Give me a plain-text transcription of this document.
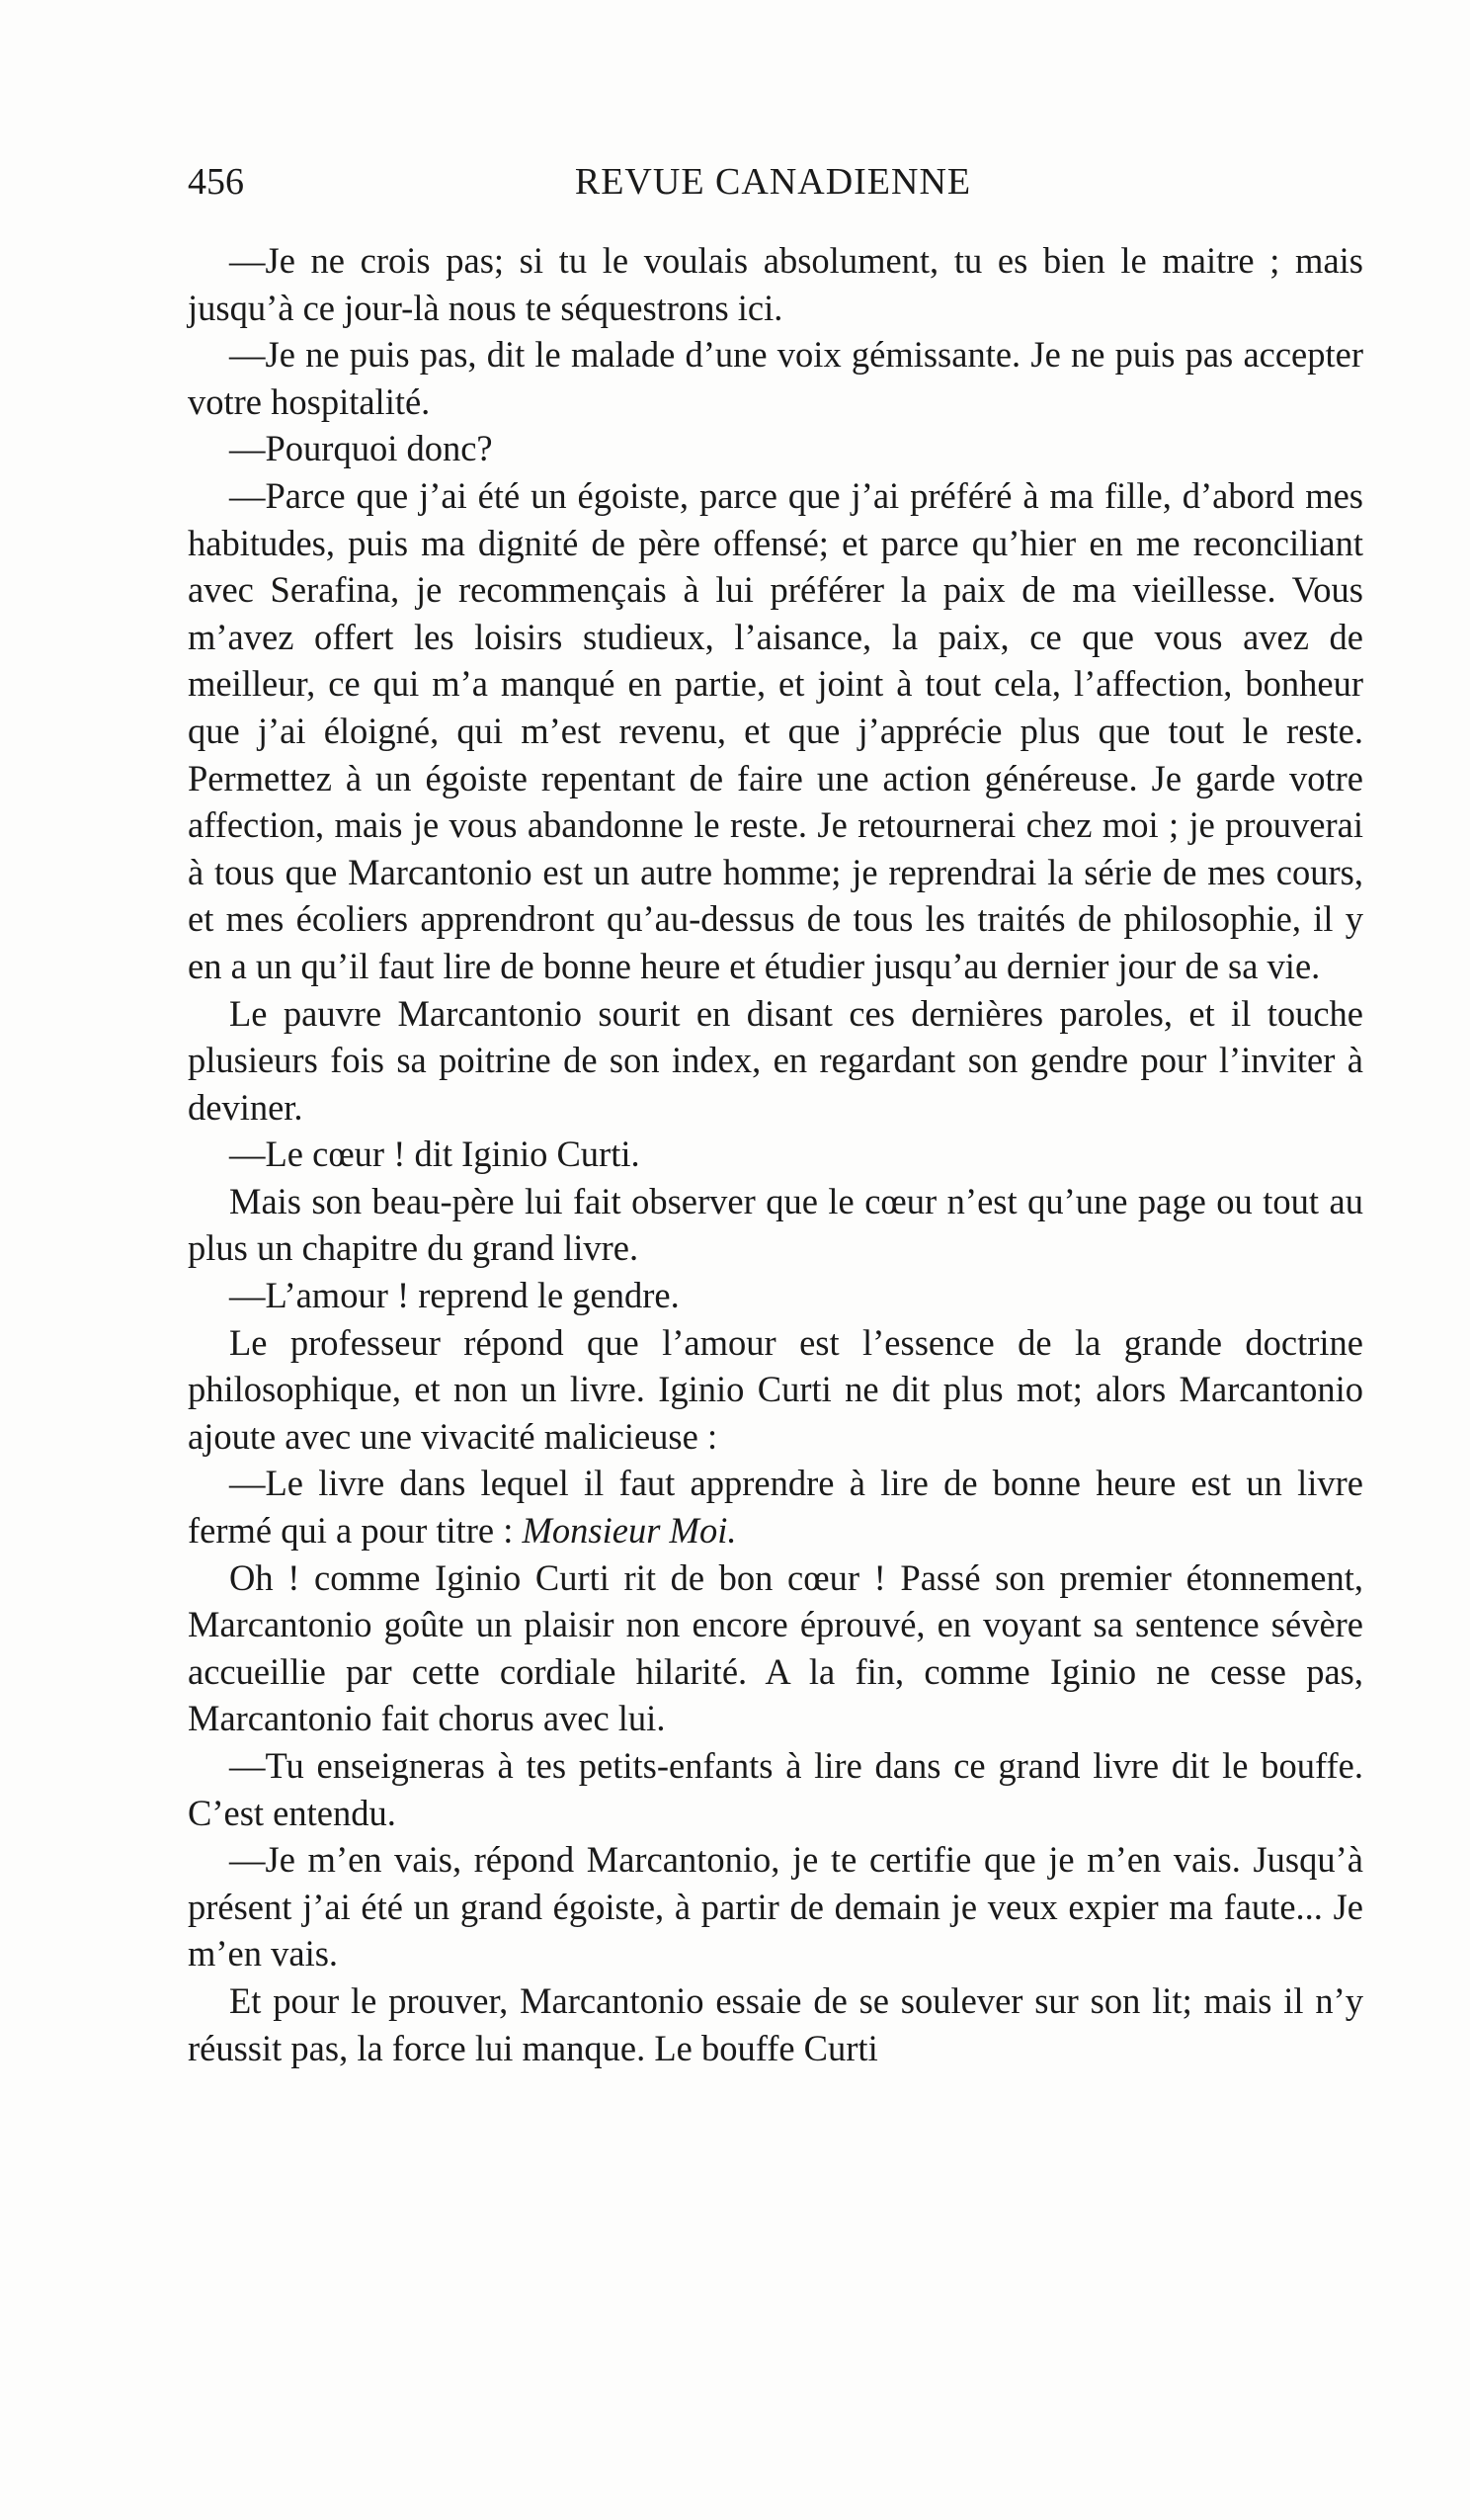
456	REVUE CANADIENNE

—Je ne crois pas; si tu le voulais absolument, tu es bien le maitre ; mais jusqu’à ce jour-là nous te séquestrons ici.

—Je ne puis pas, dit le malade d’une voix gémissante. Je ne puis pas accepter votre hospitalité.

—Pourquoi donc?

—Parce que j’ai été un égoiste, parce que j’ai préféré à ma fille, d’abord mes habitudes, puis ma dignité de père offensé; et parce qu’hier en me reconciliant avec Serafina, je recommençais à lui préférer la paix de ma vieillesse. Vous m’avez offert les loisirs studieux, l’aisance, la paix, ce que vous avez de meilleur, ce qui m’a manqué en partie, et joint à tout cela, l’affection, bonheur que j’ai éloigné, qui m’est revenu, et que j’apprécie plus que tout le reste. Permettez à un égoiste repentant de faire une action généreuse. Je garde votre affection, mais je vous abandonne le reste. Je retournerai chez moi ; je prouverai à tous que Marcantonio est un autre homme; je reprendrai la série de mes cours, et mes écoliers apprendront qu’au-dessus de tous les traités de philosophie, il y en a un qu’il faut lire de bonne heure et étudier jusqu’au dernier jour de sa vie.

Le pauvre Marcantonio sourit en disant ces dernières paroles, et il touche plusieurs fois sa poitrine de son index, en regardant son gendre pour l’inviter à deviner.

—Le cœur ! dit Iginio Curti.

Mais son beau-père lui fait observer que le cœur n’est qu’une page ou tout au plus un chapitre du grand livre.

—L’amour ! reprend le gendre.

Le professeur répond que l’amour est l’essence de la grande doctrine philosophique, et non un livre. Iginio Curti ne dit plus mot; alors Marcantonio ajoute avec une vivacité malicieuse :

—Le livre dans lequel il faut apprendre à lire de bonne heure est un livre fermé qui a pour titre : Monsieur Moi.

Oh ! comme Iginio Curti rit de bon cœur ! Passé son premier étonnement, Marcantonio goûte un plaisir non encore éprouvé, en voyant sa sentence sévère accueillie par cette cordiale hilarité. A la fin, comme Iginio ne cesse pas, Marcantonio fait chorus avec lui.

—Tu enseigneras à tes petits-enfants à lire dans ce grand livre dit le bouffe. C’est entendu.

—Je m’en vais, répond Marcantonio, je te certifie que je m’en vais. Jusqu’à présent j’ai été un grand égoiste, à partir de demain je veux expier ma faute... Je m’en vais.

Et pour le prouver, Marcantonio essaie de se soulever sur son lit; mais il n’y réussit pas, la force lui manque. Le bouffe Curti
